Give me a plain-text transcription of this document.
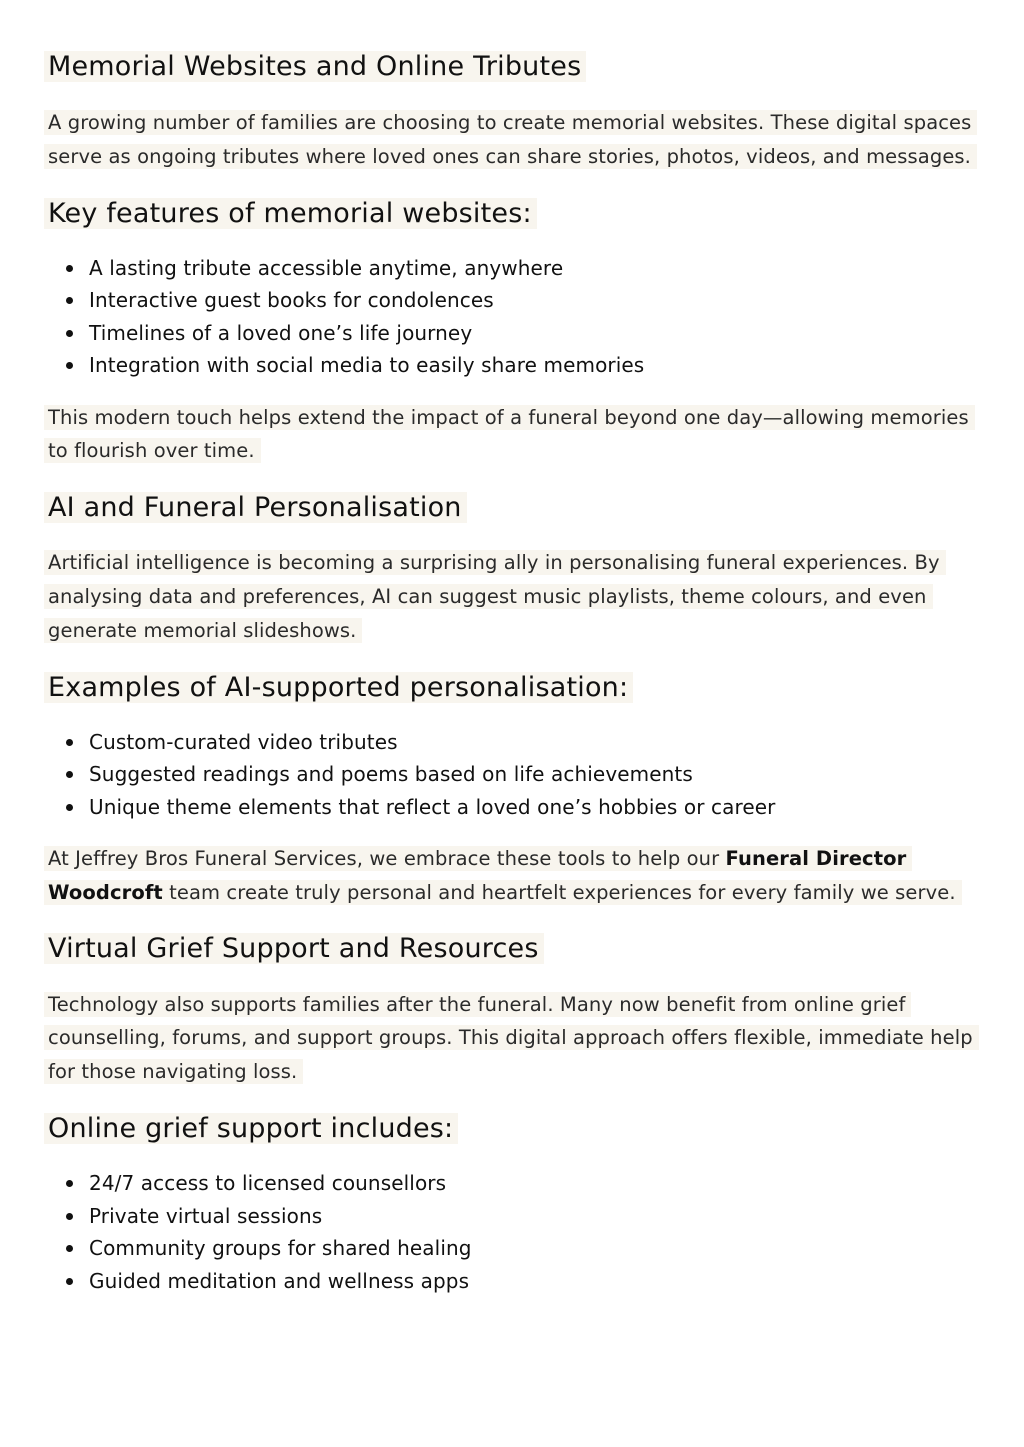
Memorial Websites and Online Tributes

A growing number of families are choosing to create memorial websites. These digital spaces serve as ongoing tributes where loved ones can share stories, photos, videos, and messages.

Key features of memorial websites:
A lasting tribute accessible anytime, anywhere
Interactive guest books for condolences
Timelines of a loved one’s life journey
Integration with social media to easily share memories

This modern touch helps extend the impact of a funeral beyond one day—allowing memories to flourish over time.

AI and Funeral Personalisation

Artificial intelligence is becoming a surprising ally in personalising funeral experiences. By analysing data and preferences, AI can suggest music playlists, theme colours, and even generate memorial slideshows.

Examples of AI-supported personalisation:
Custom-curated video tributes
Suggested readings and poems based on life achievements
Unique theme elements that reflect a loved one’s hobbies or career

At Jeffrey Bros Funeral Services, we embrace these tools to help our Funeral Director Woodcroft team create truly personal and heartfelt experiences for every family we serve.

Virtual Grief Support and Resources

Technology also supports families after the funeral. Many now benefit from online grief counselling, forums, and support groups. This digital approach offers flexible, immediate help for those navigating loss.

Online grief support includes:
24/7 access to licensed counsellors
Private virtual sessions
Community groups for shared healing
Guided meditation and wellness apps
